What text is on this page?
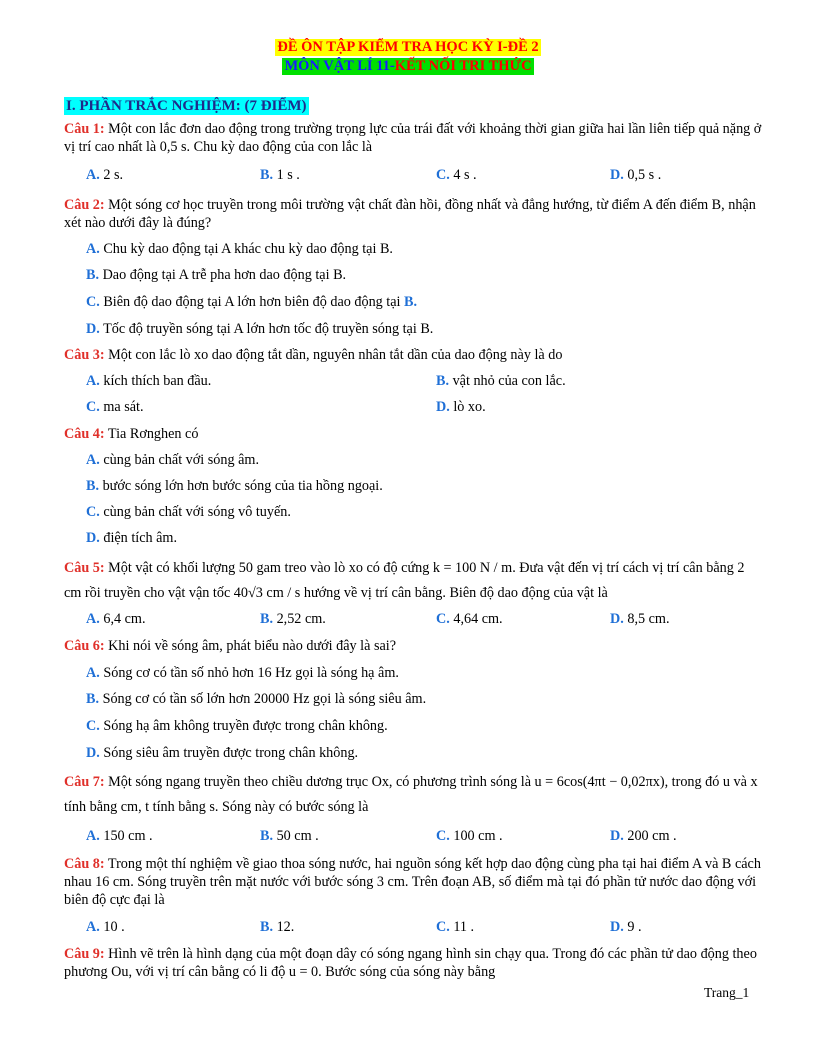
ĐỀ ÔN TẬP KIỂM TRA HỌC KỲ I-ĐỀ 2
MÔN VẬT LÍ 11-KẾT NỐI TRI THỨC
I. PHẦN TRẮC NGHIỆM: (7 ĐIỂM)
Câu 1: Một con lắc đơn dao động trong trường trọng lực của trái đất với khoảng thời gian giữa hai lần liên tiếp quả nặng ở vị trí cao nhất là 0,5 s. Chu kỳ dao động của con lắc là
A. 2 s.	B. 1 s .	C. 4 s .	D. 0,5 s .
Câu 2: Một sóng cơ học truyền trong môi trường vật chất đàn hồi, đồng nhất và đẳng hướng, từ điểm A đến điểm B, nhận xét nào dưới đây là đúng?
A. Chu kỳ dao động tại A khác chu kỳ dao động tại B.
B. Dao động tại A trễ pha hơn dao động tại B.
C. Biên độ dao động tại A lớn hơn biên độ dao động tại B.
D. Tốc độ truyền sóng tại A lớn hơn tốc độ truyền sóng tại B.
Câu 3: Một con lắc lò xo dao động tắt dần, nguyên nhân tắt dần của dao động này là do
A. kích thích ban đầu.	B. vật nhỏ của con lắc.
C. ma sát.	D. lò xo.
Câu 4: Tia Rơnghen có
A. cùng bản chất với sóng âm.
B. bước sóng lớn hơn bước sóng của tia hồng ngoại.
C. cùng bản chất với sóng vô tuyến.
D. điện tích âm.
Câu 5: Một vật có khối lượng 50 gam treo vào lò xo có độ cứng k = 100 N / m. Đưa vật đến vị trí cách vị trí cân bằng 2 cm rồi truyền cho vật vận tốc 40√3 cm / s hướng về vị trí cân bằng. Biên độ dao động của vật là
A. 6,4 cm.	B. 2,52 cm.	C. 4,64 cm.	D. 8,5 cm.
Câu 6: Khi nói về sóng âm, phát biểu nào dưới đây là sai?
A. Sóng cơ có tần số nhỏ hơn 16 Hz gọi là sóng hạ âm.
B. Sóng cơ có tần số lớn hơn 20000 Hz gọi là sóng siêu âm.
C. Sóng hạ âm không truyền được trong chân không.
D. Sóng siêu âm truyền được trong chân không.
Câu 7: Một sóng ngang truyền theo chiều dương trục Ox, có phương trình sóng là u = 6cos(4πt − 0,02πx), trong đó u và x tính bằng cm, t tính bằng s. Sóng này có bước sóng là
A. 150 cm .	B. 50 cm .	C. 100 cm .	D. 200 cm .
Câu 8: Trong một thí nghiệm về giao thoa sóng nước, hai nguồn sóng kết hợp dao động cùng pha tại hai điểm A và B cách nhau 16 cm. Sóng truyền trên mặt nước với bước sóng 3 cm. Trên đoạn AB, số điểm mà tại đó phần tử nước dao động với biên độ cực đại là
A. 10 .	B. 12.	C. 11 .	D. 9 .
Câu 9: Hình vẽ trên là hình dạng của một đoạn dây có sóng ngang hình sin chạy qua. Trong đó các phần tử dao động theo phương Ou, với vị trí cân bằng có li độ u = 0. Bước sóng của sóng này bằng
Trang_1
